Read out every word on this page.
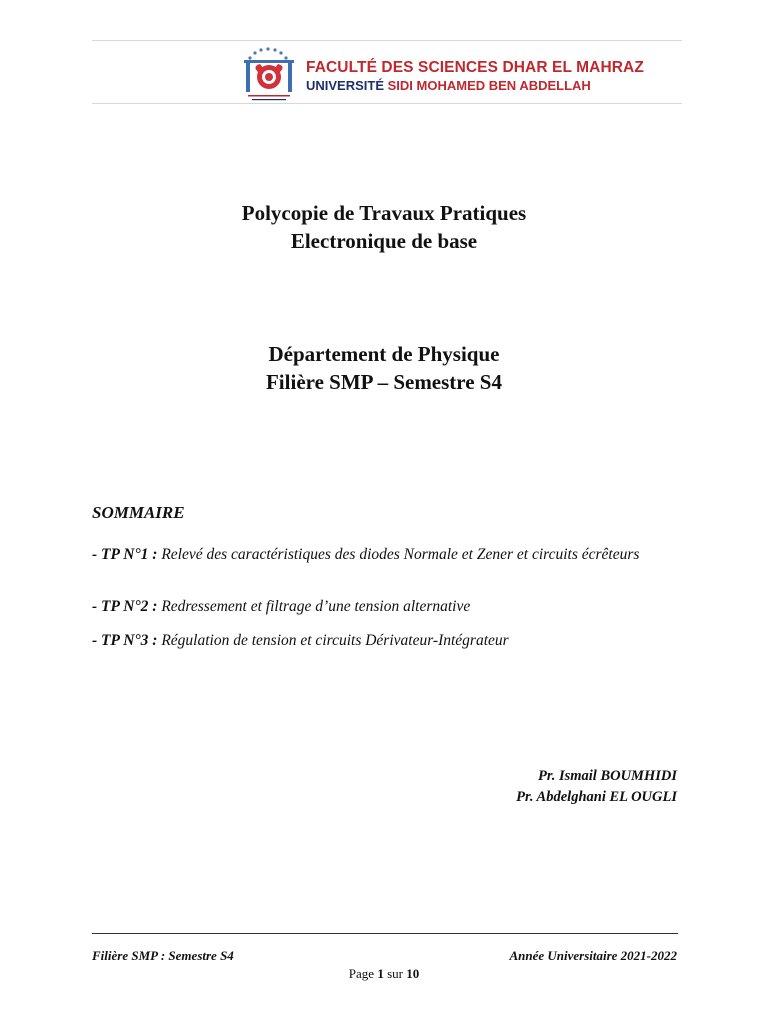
FACULTÉ DES SCIENCES DHAR EL MAHRAZ
UNIVERSITÉ SIDI MOHAMED BEN ABDELLAH
Polycopie de Travaux Pratiques
Electronique de base
Département de Physique
Filière SMP – Semestre S4
SOMMAIRE
- TP N°1 : Relevé des caractéristiques des diodes Normale et Zener et circuits écrêteurs
- TP N°2 : Redressement et filtrage d’une tension alternative
- TP N°3 : Régulation de tension et circuits Dérivateur-Intégrateur
Pr. Ismail BOUMHIDI
Pr. Abdelghani EL OUGLI
Filière SMP : Semestre S4	Année Universitaire 2021-2022
Page 1 sur 10
